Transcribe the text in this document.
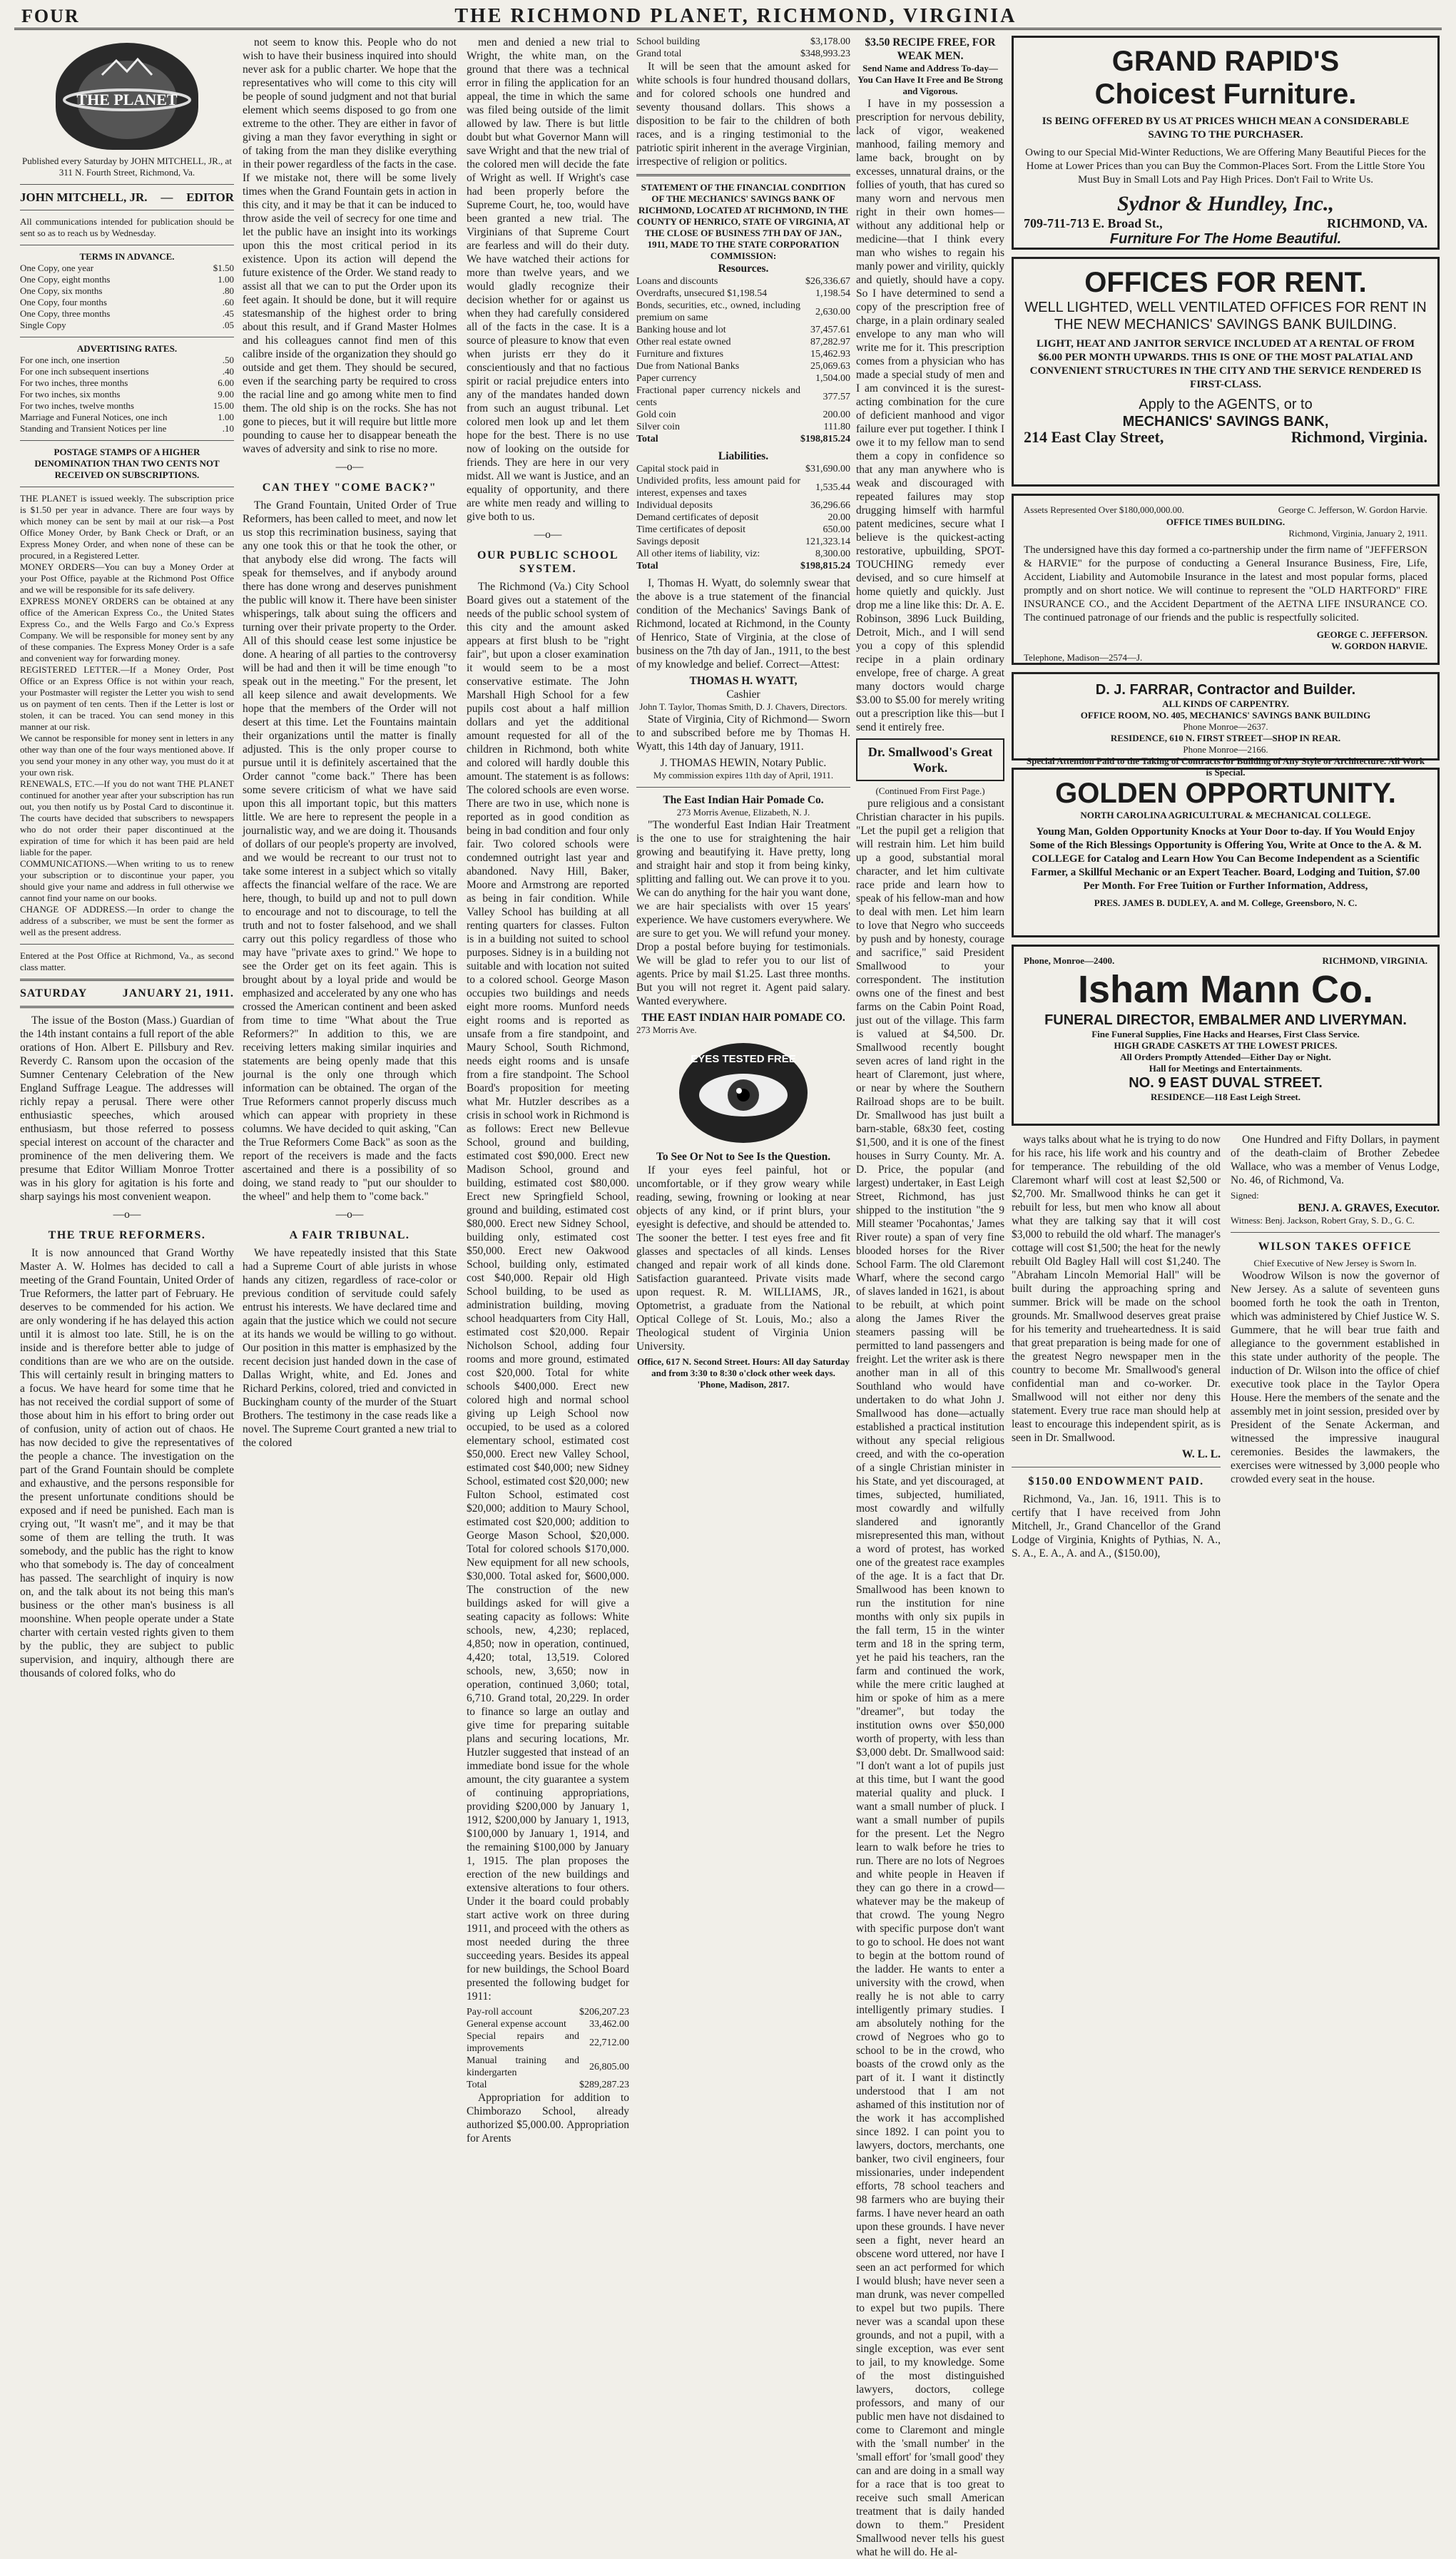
FOUR	THE RICHMOND PLANET, RICHMOND, VIRGINIA
THE PLANET
Published every Saturday by JOHN MITCHELL, JR., at 311 N. Fourth Street, Richmond, Va.
JOHN MITCHELL, JR. — EDITOR
All communications intended for publication should be sent so as to reach us by Wednesday.
TERMS IN ADVANCE.
One Copy, one year	$1.50
One Copy, eight months	1.00
One Copy, six months	.80
One Copy, four months	.60
One Copy, three months	.45
Single Copy	.05
ADVERTISING RATES.
For one inch, one insertion	.50
For one inch subsequent insertions	.40
For two inches, three months	6.00
For two inches, six months	9.00
For two inches, twelve months	15.00
Marriage and Funeral Notices, one inch	1.00
Standing and Transient Notices per line	.10
POSTAGE STAMPS OF A HIGHER DENOMINATION THAN TWO CENTS NOT RECEIVED ON SUBSCRIPTIONS.
THE PLANET is issued weekly. The subscription price is $1.50 per year in advance. There are four ways by which money can be sent by mail at our risk—a Post Office Money Order, by Bank Check or Draft, or an Express Money Order, and when none of these can be procured, in a Registered Letter.
MONEY ORDERS—You can buy a Money Order at your Post Office, payable at the Richmond Post Office and we will be responsible for its safe delivery.
EXPRESS MONEY ORDERS can be obtained at any office of the American Express Co., the United States Express Co., and the Wells Fargo and Co.'s Express Company. We will be responsible for money sent by any of these companies. The Express Money Order is a safe and convenient way for forwarding money.
REGISTERED LETTER.—If a Money Order, Post Office or an Express Office is not within your reach, your Postmaster will register the Letter you wish to send us on payment of ten cents. Then if the Letter is lost or stolen, it can be traced. You can send money in this manner at our risk.
We cannot be responsible for money sent in letters in any other way than one of the four ways mentioned above. If you send your money in any other way, you must do it at your own risk.
RENEWALS, ETC.—If you do not want THE PLANET continued for another year after your subscription has run out, you then notify us by Postal Card to discontinue it. The courts have decided that subscribers to newspapers who do not order their paper discontinued at the expiration of time for which it has been paid are held liable for the paper.
COMMUNICATIONS.—When writing to us to renew your subscription or to discontinue your paper, you should give your name and address in full otherwise we cannot find your name on our books.
CHANGE OF ADDRESS.—In order to change the address of a subscriber, we must be sent the former as well as the present address.
Entered at the Post Office at Richmond, Va., as second class matter.
SATURDAY	JANUARY 21, 1911.

The issue of the Boston (Mass.) Guardian of the 14th instant contains a full report of the able orations of Hon. Albert E. Pillsbury and Rev. Reverdy C. Ransom upon the occasion of the Sumner Centenary Celebration of the New England Suffrage League. The addresses will richly repay a perusal. There were other enthusiastic speeches, which aroused enthusiasm, but those referred to possess special interest on account of the character and prominence of the men delivering them. We presume that Editor William Monroe Trotter was in his glory for agitation is his forte and sharp sayings his most convenient weapon.

—o—
THE TRUE REFORMERS.

It is now announced that Grand Worthy Master A. W. Holmes has decided to call a meeting of the Grand Fountain, United Order of True Reformers, the latter part of February. He deserves to be commended for his action. We are only wondering if he has delayed this action until it is almost too late. Still, he is on the inside and is therefore better able to judge of conditions than are we who are on the outside. This will certainly result in bringing matters to a focus. We have heard for some time that he has not received the cordial support of some of those about him in his effort to bring order out of confusion, unity of action out of chaos. He has now decided to give the representatives of the people a chance. The investigation on the part of the Grand Fountain should be complete and exhaustive, and the persons responsible for the present unfortunate conditions should be exposed and if need be punished. Each man is crying out, "It wasn't me", and it may be that some of them are telling the truth. It was somebody, and the public has the right to know who that somebody is. The day of concealment has passed. The searchlight of inquiry is now on, and the talk about its not being this man's business or the other man's business is all moonshine. When people operate under a State charter with certain vested rights given to them by the public, they are subject to public supervision, and inquiry, although there are thousands of colored folks, who do

not seem to know this. People who do not wish to have their business inquired into should never ask for a public charter. We hope that the representatives who will come to this city will be people of sound judgment and not that burial element which seems disposed to go from one extreme to the other. They are either in favor of giving a man they favor everything in sight or of taking from the man they dislike everything in their power regardless of the facts in the case. If we mistake not, there will be some lively times when the Grand Fountain gets in action in this city, and it may be that it can be induced to throw aside the veil of secrecy for one time and let the public have an insight into its workings upon this the most critical period in its existence. Upon its action will depend the future existence of the Order. We stand ready to assist all that we can to put the Order upon its feet again. It should be done, but it will require statesmanship of the highest order to bring about this result, and if Grand Master Holmes and his colleagues cannot find men of this calibre inside of the organization they should go outside and get them. They should be secured, even if the searching party be required to cross the racial line and go among white men to find them. The old ship is on the rocks. She has not gone to pieces, but it will require but little more pounding to cause her to disappear beneath the waves of adversity and sink to rise no more.

—o—
CAN THEY "COME BACK?"

The Grand Fountain, United Order of True Reformers, has been called to meet, and now let us stop this recrimination business, saying that any one took this or that he took the other, or that anybody else did wrong. The facts will speak for themselves, and if anybody around there has done wrong and deserves punishment the public will know it. There have been sinister whisperings, talk about suing the officers and turning over their private property to the Order. All of this should cease lest some injustice be done. A hearing of all parties to the controversy will be had and then it will be time enough "to speak out in the meeting." For the present, let all keep silence and await developments. We hope that the members of the Order will not desert at this time. Let the Fountains maintain their organizations until the matter is finally adjusted. This is the only proper course to pursue until it is definitely ascertained that the Order cannot "come back." There has been some severe criticism of what we have said upon this all important topic, but this matters little. We are here to represent the people in a journalistic way, and we are doing it. Thousands of dollars of our people's property are involved, and we would be recreant to our trust not to take some interest in a subject which so vitally affects the financial welfare of the race. We are here, though, to build up and not to pull down to encourage and not to discourage, to tell the truth and not to foster falsehood, and we shall carry out this policy regardless of those who may have "private axes to grind." We hope to see the Order get on its feet again. This is brought about by a loyal pride and would be emphasized and accelerated by any one who has crossed the American continent and been asked from time to time "What about the True Reformers?" In addition to this, we are receiving letters making similar inquiries and statements are being openly made that this journal is the only one through which information can be obtained. The organ of the True Reformers cannot properly discuss much which can appear with propriety in these columns. We have decided to quit asking, "Can the True Reformers Come Back" as soon as the report of the receivers is made and the facts ascertained and there is a possibility of so doing, we stand ready to "put our shoulder to the wheel" and help them to "come back."

—o—
A FAIR TRIBUNAL.

We have repeatedly insisted that this State had a Supreme Court of able jurists in whose hands any citizen, regardless of race-color or previous condition of servitude could safely entrust his interests. We have declared time and again that the justice which we could not secure at its hands we would be willing to go without. Our position in this matter is emphasized by the recent decision just handed down in the case of Dallas Wright, white, and Ed. Jones and Richard Perkins, colored, tried and convicted in Buckingham county of the murder of the Stuart Brothers. The testimony in the case reads like a novel. The Supreme Court granted a new trial to the colored

men and denied a new trial to Wright, the white man, on the ground that there was a technical error in filing the application for an appeal, the time in which the same was filed being outside of the limit allowed by law. There is but little doubt but what Governor Mann will save Wright and that the new trial of the colored men will decide the fate of Wright as well. If Wright's case had been properly before the Supreme Court, he, too, would have been granted a new trial. The Virginians of that Supreme Court are fearless and will do their duty. We have watched their actions for more than twelve years, and we would gladly recognize their decision whether for or against us when they had carefully considered all of the facts in the case. It is a source of pleasure to know that even when jurists err they do it conscientiously and that no factious spirit or racial prejudice enters into any of the mandates handed down from such an august tribunal. Let colored men look up and let them hope for the best. There is no use now of looking on the outside for friends. They are here in our very midst. All we want is Justice, and an equality of opportunity, and there are white men ready and willing to give both to us.

—o—
OUR PUBLIC SCHOOL SYSTEM.

The Richmond (Va.) City School Board gives out a statement of the needs of the public school system of this city and the amount asked appears at first blush to be "right fair", but upon a closer examination it would seem to be a most conservative estimate. The John Marshall High School for a few pupils cost about a half million dollars and yet the additional amount requested for all of the children in Richmond, both white and colored will hardly double this amount. The statement is as follows: The colored schools are even worse. There are two in use, which none is reported as in good condition as being in bad condition and four only fair. Two colored schools were condemned outright last year and abandoned. Navy Hill, Baker, Moore and Armstrong are reported as being in fair condition. While Valley School has building at all renting quarters for classes. Fulton is in a building not suited to school purposes. Sidney is in a building not suitable and with location not suited to a colored school. George Mason occupies two buildings and needs eight more rooms. Munford needs eight rooms and is reported as unsafe from a fire standpoint, and Maury School, South Richmond, needs eight rooms and is unsafe from a fire standpoint. The School Board's proposition for meeting what Mr. Hutzler describes as a crisis in school work in Richmond is as follows: Erect new Bellevue School, ground and building, estimated cost $90,000. Erect new Madison School, ground and building, estimated cost $80,000. Erect new Springfield School, ground and building, estimated cost $80,000. Erect new Sidney School, building only, estimated cost $50,000. Erect new Oakwood School, building only, estimated cost $40,000. Repair old High School building, to be used as administration building, moving school headquarters from City Hall, estimated cost $20,000. Repair Nicholson School, adding four rooms and more ground, estimated cost $20,000. Total for white schools $400,000. Erect new colored high and normal school giving up Leigh School now occupied, to be used as a colored elementary school, estimated cost $50,000. Erect new Valley School, estimated cost $40,000; new Sidney School, estimated cost $20,000; new Fulton School, estimated cost $20,000; addition to Maury School, estimated cost $20,000; addition to George Mason School, $20,000. Total for colored schools $170,000. New equipment for all new schools, $30,000. Total asked for, $600,000. The construction of the new buildings asked for will give a seating capacity as follows: White schools, new, 4,230; replaced, 4,850; now in operation, continued, 4,420; total, 13,519. Colored schools, new, 3,650; now in operation, continued 3,060; total, 6,710. Grand total, 20,229. In order to finance so large an outlay and give time for preparing suitable plans and securing locations, Mr. Hutzler suggested that instead of an immediate bond issue for the whole amount, the city guarantee a system of continuing appropriations, providing $200,000 by January 1, 1912, $200,000 by January 1, 1913, $100,000 by January 1, 1914, and the remaining $100,000 by January 1, 1915. The plan proposes the erection of the new buildings and extensive alterations to four others. Under it the board could probably start active work on three during 1911, and proceed with the others as most needed during the three succeeding years. Besides its appeal for new buildings, the School Board presented the following budget for 1911:

Pay-roll account	$206,207.23
General expense account	33,462.00
Special repairs and improvements	22,712.00
Manual training and kindergarten	26,805.00
Total	$289,287.23

Appropriation for addition to Chimborazo School, already authorized $5,000.00. Appropriation for Arents

School building	$3,178.00
Grand total	$348,993.23

It will be seen that the amount asked for white schools is four hundred thousand dollars, and for colored schools one hundred and seventy thousand dollars. This shows a disposition to be fair to the children of both races, and is a ringing testimonial to the patriotic spirit inherent in the average Virginian, irrespective of religion or politics.

STATEMENT OF THE FINANCIAL CONDITION OF THE MECHANICS' SAVINGS BANK OF RICHMOND, LOCATED AT RICHMOND, IN THE COUNTY OF HENRICO, STATE OF VIRGINIA, AT THE CLOSE OF BUSINESS 7TH DAY OF JAN., 1911, MADE TO THE STATE CORPORATION COMMISSION:
Resources.
Loans and discounts	$26,336.67
Overdrafts, unsecured $1,198.54	1,198.54
Bonds, securities, etc., owned, including premium on same	2,630.00
Banking house and lot	37,457.61
Other real estate owned	87,282.97
Furniture and fixtures	15,462.93
Due from National Banks	25,069.63
Paper currency	1,504.00
Fractional paper currency nickels and cents	377.57
Gold coin	200.00
Silver coin	111.80
Total	$198,815.24
Liabilities.
Capital stock paid in	$31,690.00
Undivided profits, less amount paid for interest, expenses and taxes	1,535.44
Individual deposits	36,296.66
Demand certificates of deposit	20.00
Time certificates of deposit	650.00
Savings deposit	121,323.14
All other items of liability, viz:	8,300.00
Total	$198,815.24

I, Thomas H. Wyatt, do solemnly swear that the above is a true statement of the financial condition of the Mechanics' Savings Bank of Richmond, located at Richmond, in the County of Henrico, State of Virginia, at the close of business on the 7th day of Jan., 1911, to the best of my knowledge and belief. Correct—Attest:

THOMAS H. WYATT,
Cashier
John T. Taylor, Thomas Smith, D. J. Chavers, Directors.

State of Virginia, City of Richmond— Sworn to and subscribed before me by Thomas H. Wyatt, this 14th day of January, 1911.

J. THOMAS HEWIN, Notary Public.
My commission expires 11th day of April, 1911.
The East Indian Hair Pomade Co.
273 Morris Avenue, Elizabeth, N. J.

"The wonderful East Indian Hair Treatment is the one to use for straightening the hair growing and beautifying it. Have pretty, long and straight hair and stop it from being kinky, splitting and falling out. We can prove it to you. We can do anything for the hair you want done, we are hair specialists with over 15 years' experience. We have customers everywhere. We are sure to get you. We will refund your money. Drop a postal before buying for testimonials. We will be glad to refer you to our list of agents. Price by mail $1.25. Last three months. But you will not regret it. Agent paid salary. Wanted everywhere.

THE EAST INDIAN HAIR POMADE CO.
273 Morris Ave.
EYES TESTED FREE
To See Or Not to See Is the Question.

If your eyes feel painful, hot or uncomfortable, or if they grow weary while reading, sewing, frowning or looking at near objects of any kind, or if print blurs, your eyesight is defective, and should be attended to. The sooner the better. I test eyes free and fit glasses and spectacles of all kinds. Lenses changed and repair work of all kinds done. Satisfaction guaranteed. Private visits made upon request. R. M. WILLIAMS, JR., Optometrist, a graduate from the National Optical College of St. Louis, Mo.; also a Theological student of Virginia Union University.

Office, 617 N. Second Street. Hours: All day Saturday and from 3:30 to 8:30 o'clock other week days. 'Phone, Madison, 2817.
$3.50 RECIPE FREE, FOR WEAK MEN.
Send Name and Address To-day—You Can Have It Free and Be Strong and Vigorous.

I have in my possession a prescription for nervous debility, lack of vigor, weakened manhood, failing memory and lame back, brought on by excesses, unnatural drains, or the follies of youth, that has cured so many worn and nervous men right in their own homes—without any additional help or medicine—that I think every man who wishes to regain his manly power and virility, quickly and quietly, should have a copy. So I have determined to send a copy of the prescription free of charge, in a plain ordinary sealed envelope to any man who will write me for it. This prescription comes from a physician who has made a special study of men and I am convinced it is the surest-acting combination for the cure of deficient manhood and vigor failure ever put together. I think I owe it to my fellow man to send them a copy in confidence so that any man anywhere who is weak and discouraged with repeated failures may stop drugging himself with harmful patent medicines, secure what I believe is the quickest-acting restorative, upbuilding, SPOT-TOUCHING remedy ever devised, and so cure himself at home quietly and quickly. Just drop me a line like this: Dr. A. E. Robinson, 3896 Luck Building, Detroit, Mich., and I will send you a copy of this splendid recipe in a plain ordinary envelope, free of charge. A great many doctors would charge $3.00 to $5.00 for merely writing out a prescription like this—but I send it entirely free.

Dr. Smallwood's Great Work.
(Continued From First Page.)

pure religious and a consistant Christian character in his pupils. "Let the pupil get a religion that will restrain him. Let him build up a good, substantial moral character, and let him cultivate race pride and learn how to speak of his fellow-man and how to deal with men. Let him learn to love that Negro who succeeds by push and by honesty, courage and sacrifice," said President Smallwood to your correspondent. The institution owns one of the finest and best farms on the Cabin Point Road, just out of the village. This farm is valued at $4,500. Dr. Smallwood recently bought seven acres of land right in the heart of Claremont, just where, or near by where the Southern Railroad shops are to be built. Dr. Smallwood has just built a barn-stable, 68x30 feet, costing $1,500, and it is one of the finest houses in Surry County. Mr. A. D. Price, the popular (and largest) undertaker, in East Leigh Street, Richmond, has just shipped to the institution "the 9 Mill steamer 'Pocahontas,' James River route) a span of very fine blooded horses for the River School Farm. The old Claremont Wharf, where the second cargo of slaves landed in 1621, is about to be rebuilt, at which point along the James River the steamers passing will be permitted to land passengers and freight. Let the writer ask is there another man in all of this Southland who would have undertaken to do what John J. Smallwood has done—actually established a practical institution without any special religious creed, and with the co-operation of a single Christian minister in his State, and yet discouraged, at times, subjected, humiliated, most cowardly and wilfully slandered and ignorantly misrepresented this man, without a word of protest, has worked one of the greatest race examples of the age. It is a fact that Dr. Smallwood has been known to run the institution for nine months with only six pupils in the fall term, 15 in the winter term and 18 in the spring term, yet he paid his teachers, ran the farm and continued the work, while the mere critic laughed at him or spoke of him as a mere "dreamer", but today the institution owns over $50,000 worth of property, with less than $3,000 debt. Dr. Smallwood said: "I don't want a lot of pupils just at this time, but I want the good material quality and pluck. I want a small number of pluck. I want a small number of pupils for the present. Let the Negro learn to walk before he tries to run. There are no lots of Negroes and white people in Heaven if they can go there in a crowd—whatever may be the makeup of that crowd. The young Negro with specific purpose don't want to go to school. He does not want to begin at the bottom round of the ladder. He wants to enter a university with the crowd, when really he is not able to carry intelligently primary studies. I am absolutely nothing for the crowd of Negroes who go to school to be in the crowd, who boasts of the crowd only as the part of it. I want it distinctly understood that I am not ashamed of this institution nor of the work it has accomplished since 1892. I can point you to lawyers, doctors, merchants, one banker, two civil engineers, four missionaries, under independent efforts, 78 school teachers and 98 farmers who are buying their farms. I have never heard an oath upon these grounds. I have never seen a fight, never heard an obscene word uttered, nor have I seen an act performed for which I would blush; have never seen a man drunk, was never compelled to expel but two pupils. There never was a scandal upon these grounds, and not a pupil, with a single exception, was ever sent to jail, to my knowledge. Some of the most distinguished lawyers, doctors, college professors, and many of our public men have not disdained to come to Claremont and mingle with the 'small number' in the 'small effort' for 'small good' they can and are doing in a small way for a race that is too great to receive such small American treatment that is daily handed down to them." President Smallwood never tells his guest what he will do. He al-

GRAND RAPID'S
Choicest Furniture.
IS BEING OFFERED BY US AT PRICES WHICH MEAN A CONSIDERABLE SAVING TO THE PURCHASER.
Owing to our Special Mid-Winter Reductions, We are Offering Many Beautiful Pieces for the Home at Lower Prices than you can Buy the Common-Places Sort. From the Little Store You Must Buy in Small Lots and Pay High Prices. Don't Fail to Write Us.
Sydnor & Hundley, Inc.,
709-711-713 E. Broad St.,	RICHMOND, VA.
Furniture For The Home Beautiful.
OFFICES FOR RENT.
WELL LIGHTED, WELL VENTILATED OFFICES FOR RENT IN THE NEW MECHANICS' SAVINGS BANK BUILDING.
LIGHT, HEAT AND JANITOR SERVICE INCLUDED AT A RENTAL OF FROM $6.00 PER MONTH UPWARDS. THIS IS ONE OF THE MOST PALATIAL AND CONVENIENT STRUCTURES IN THE CITY AND THE SERVICE RENDERED IS FIRST-CLASS.
Apply to the AGENTS, or to
MECHANICS' SAVINGS BANK,
214 East Clay Street,	Richmond, Virginia.
Assets Represented Over $180,000,000.00.	George C. Jefferson, W. Gordon Harvie.
OFFICE TIMES BUILDING.
Richmond, Virginia, January 2, 1911.
The undersigned have this day formed a co-partnership under the firm name of "JEFFERSON & HARVIE" for the purpose of conducting a General Insurance Business, Fire, Life, Accident, Liability and Automobile Insurance in the latest and most popular forms, placed promptly and on short notice. We will continue to represent the "OLD HARTFORD" FIRE INSURANCE CO., and the Accident Department of the AETNA LIFE INSURANCE CO. The continued patronage of our friends and the public is respectfully solicited.
GEORGE C. JEFFERSON.
W. GORDON HARVIE.
Telephone, Madison—2574—J.
D. J. FARRAR, Contractor and Builder.
ALL KINDS OF CARPENTRY.
OFFICE ROOM, NO. 405, MECHANICS' SAVINGS BANK BUILDING
Phone Monroe—2637.
RESIDENCE, 610 N. FIRST STREET—SHOP IN REAR.
Phone Monroe—2166.
Special Attention Paid to the Taking of Contracts for Building of Any Style or Architecture. All Work is Special.
GOLDEN OPPORTUNITY.
NORTH CAROLINA AGRICULTURAL & MECHANICAL COLLEGE.
Young Man, Golden Opportunity Knocks at Your Door to-day. If You Would Enjoy Some of the Rich Blessings Opportunity is Offering You, Write at Once to the A. & M. COLLEGE for Catalog and Learn How You Can Become Independent as a Scientific Farmer, a Skillful Mechanic or an Expert Teacher. Board, Lodging and Tuition, $7.00 Per Month. For Free Tuition or Further Information, Address,
PRES. JAMES B. DUDLEY, A. and M. College, Greensboro, N. C.
Phone, Monroe—2400.	RICHMOND, VIRGINIA.
Isham Mann Co.
FUNERAL DIRECTOR, EMBALMER AND LIVERYMAN.
Fine Funeral Supplies, Fine Hacks and Hearses, First Class Service.
HIGH GRADE CASKETS AT THE LOWEST PRICES.
All Orders Promptly Attended—Either Day or Night.
Hall for Meetings and Entertainments.
NO. 9 EAST DUVAL STREET.
RESIDENCE—118 East Leigh Street.

ways talks about what he is trying to do now for his race, his life work and his country and for temperance. The rebuilding of the old Claremont wharf will cost at least $2,500 or $2,700. Mr. Smallwood thinks he can get it rebuilt for less, but men who know all about what they are talking say that it will cost $3,000 to rebuild the old wharf. The manager's cottage will cost $1,500; the heat for the newly rebuilt Old Bagley Hall will cost $1,240. The "Abraham Lincoln Memorial Hall" will be built during the approaching spring and summer. Brick will be made on the school grounds. Mr. Smallwood deserves great praise for his temerity and trueheartedness. It is said that great preparation is being made for one of the greatest Negro newspaper men in the country to become Mr. Smallwood's general confidential man and co-worker. Dr. Smallwood will not either nor deny this statement. Every true race man should help at least to encourage this independent spirit, as is seen in Dr. Smallwood.

W. L. L.
$150.00 ENDOWMENT PAID.

Richmond, Va., Jan. 16, 1911. This is to certify that I have received from John Mitchell, Jr., Grand Chancellor of the Grand Lodge of Virginia, Knights of Pythias, N. A., S. A., E. A., A. and A., ($150.00),

One Hundred and Fifty Dollars, in payment of the death-claim of Brother Zebedee Wallace, who was a member of Venus Lodge, No. 46, of Richmond, Va.

Signed:
BENJ. A. GRAVES, Executor.
Witness: Benj. Jackson, Robert Gray, S. D., G. C.
WILSON TAKES OFFICE
Chief Executive of New Jersey is Sworn In.

Woodrow Wilson is now the governor of New Jersey. As a salute of seventeen guns boomed forth he took the oath in Trenton, which was administered by Chief Justice W. S. Gummere, that he will bear true faith and allegiance to the government established in this state under authority of the people. The induction of Dr. Wilson into the office of chief executive took place in the Taylor Opera House. Here the members of the senate and the assembly met in joint session, presided over by President of the Senate Ackerman, and witnessed the impressive inaugural ceremonies. Besides the lawmakers, the exercises were witnessed by 3,000 people who crowded every seat in the house.
